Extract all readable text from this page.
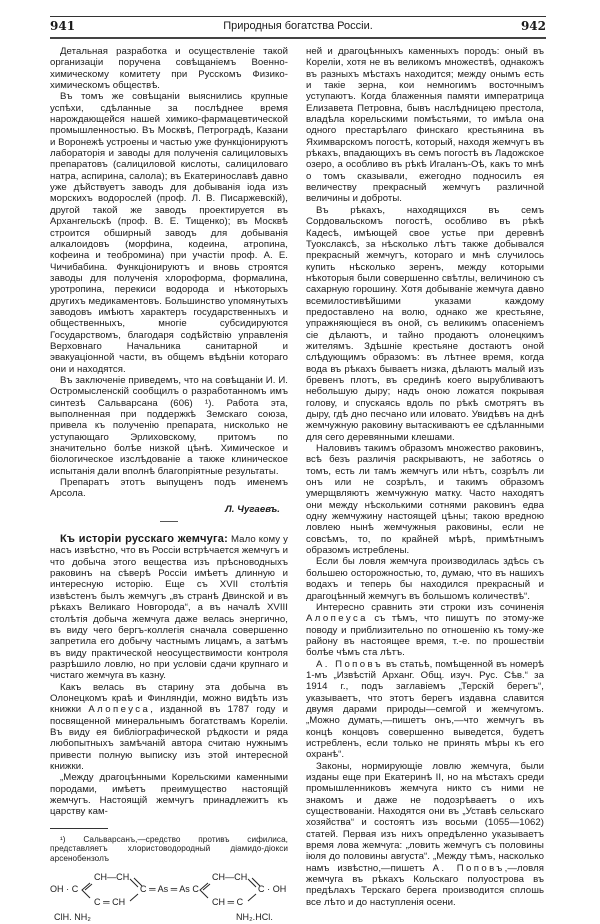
941	Природныя богатства Россіи.	942

Детальная разработка и осуществленіе такой организаціи поручена совѣщаніемъ Военно-химическому комитету при Русскомъ Физико-химическомъ обществѣ.

Въ томъ же совѣщаніи выяснились крупные успѣхи, сдѣланные за послѣднее время нарождающейся нашей химико-фармацевтической промышленностью. Въ Москвѣ, Петроградѣ, Казани и Воронежѣ устроены и частью уже функціонируютъ лабораторія и заводы для полученія салициловыхъ препаратовъ (салициловой кислоты, салициловаго натра, аспирина, салола); въ Екатеринославѣ давно уже дѣйствуетъ заводъ для добыванія іода изъ морскихъ водорослей (проф. Л. В. Писаржевскій), другой такой же заводъ проектируется въ Архангельскѣ (проф. В. Е. Тищенко); въ Москвѣ строится обширный заводъ для добыванія алкалоидовъ (морфина, кодеина, атропина, кофеина и теобромина) при участіи проф. А. Е. Чичибабина. Функціонируютъ и вновь строятся заводы для полученія хлороформа, формалина, уротропина, перекиси водорода и нѣкоторыхъ другихъ медикаментовъ. Большинство упомянутыхъ заводовъ имѣютъ характеръ государственныхъ и общественныхъ, многіе субсидируются Государствомъ, благодаря содѣйствію управленія Верховнаго Начальника санитарной и эвакуаціонной части, въ общемъ вѣдѣніи котораго они и находятся.

Въ заключеніе приведемъ, что на совѣщаніи И. И. Остромысленскій сообщилъ о разработанномъ имъ синтезѣ Сальварсана (606) ¹). Работа эта, выполненная при поддержкѣ Земскаго союза, привела къ полученію препарата, нисколько не уступающаго Эрлиховскому, притомъ по значительно болѣе низкой цѣнѣ. Химическое и біологическое изслѣдованіе а также клиническое испытанія дали вполнѣ благопріятные результаты.

Препаратъ этотъ выпущенъ подъ именемъ Арсола.

Л. Чугаевъ.

Къ исторіи русскаго жемчуга: Мало кому у насъ извѣстно, что въ Россіи встрѣчается жемчугъ и что добыча этого вещества изъ прѣсноводныхъ раковинъ на сѣверѣ Россіи имѣетъ длинную и интересную исторію. Еще съ XVII столѣтія извѣстенъ былъ жемчугъ „въ странѣ Двинской и въ рѣкахъ Великаго Новгорода“, а въ началѣ XVIII столѣтія добыча жемчуга даже велась энергично, въ виду чего бергъ-коллегія сначала совершенно запретила его добычу частнымъ лицамъ, а затѣмъ въ виду практической неосуществимости контроля разрѣшило ловлю, но при условіи сдачи крупнаго и чистаго жемчуга въ казну.

Какъ велась въ старину эта добыча въ Олонецкомъ краѣ и Финляндіи, можно видѣть изъ книжки Алопеуса, изданной въ 1787 году и посвященной минеральнымъ богатствамъ Кореліи. Въ виду ея библіографической рѣдкости и ряда любопытныхъ замѣчаній автора считаю нужнымъ привести полную выписку изъ этой интересной книжки.

„Между драгоцѣнными Корельскими каменными породами, имѣетъ преимущество настоящій жемчугъ. Настоящій жемчугъ принадлежитъ къ царству кам-

¹) Сальварсанъ,—средство противъ сифилиса, представляетъ хлористоводородный діамидо-діокси арсенобензолъ

OH · C
CH—CH
C ═ CH
C ═ As ═ As C
CH—CH
CH ═ C
C · OH
ClH. NH₂	NH₂.HCl.

ней и драгоцѣнныхъ каменныхъ породъ: оный въ Кореліи, хотя не въ великомъ множествѣ, однакожъ въ разныхъ мѣстахъ находится; между онымъ есть и такіе зерна, кои немногимъ восточнымъ уступаютъ. Когда блаженныя памяти императрица Елизавета Петровна, бывъ наслѣдницею престола, владѣла корельскими помѣстьями, то имѣла она одного престарѣлаго финскаго крестьянина въ Яхимварскомъ погостѣ, который, находя жемчугъ въ рѣкахъ, впадающихъ въ семъ погостѣ въ Ладожское озеро, а особливо въ рѣкѣ Игаланъ-Оѣ, какъ то мнѣ о томъ сказывали, ежегодно подносилъ ея величеству прекрасный жемчугъ различной величины и доброты.

Въ рѣкахъ, находящихся въ семъ Сордовальскомъ погостѣ, особливо въ рѣкѣ Кадесѣ, имѣющей свое устье при деревнѣ Туокслаксѣ, за нѣсколько лѣтъ также добывался прекрасный жемчугъ, котораго и мнѣ случилось купить нѣсколько зеренъ, между которыми нѣкоторыя были совершенно свѣтлы, величиною съ сахарную горошину. Хотя добываніе жемчуга давно всемилостивѣйшими указами каждому предоставлено на волю, однако же крестьяне, упражняющіеся въ оной, съ великимъ опасеніемъ сіе дѣлаютъ, и тайно продаютъ олонецкимъ жителямъ. Здѣшніе крестьяне достаютъ оной слѣдующимъ образомъ: въ лѣтнее время, когда вода въ рѣкахъ бываетъ низка, дѣлаютъ малый изъ бревенъ плотъ, въ срединѣ коего вырубливаютъ небольшую дыру; надъ оною ложатся покрывая голову, и спускаясь вдоль по рѣкѣ смотрятъ въ дыру, гдѣ дно песчано или иловато. Увидѣвъ на днѣ жемчужную раковину вытаскиваютъ ее сдѣланными для сего деревянными клешами.

Наловивъ такимъ образомъ множество раковинъ, всѣ безъ различія раскрываютъ, не заботясь о томъ, есть ли тамъ жемчугъ или нѣтъ, созрѣлъ ли онъ или не созрѣлъ, и такимъ образомъ умерщвляютъ жемчужную матку. Часто находятъ они между нѣсколькими сотнями раковинъ едва одну жемчужину настоящей цѣны; такою вредною ловлею нынѣ жемчужныя раковины, если не совсѣмъ, то, по крайней мѣрѣ, примѣтнымъ образомъ истреблены.

Если бы ловля жемчуга производилась здѣсь съ большею осторожностью, то, думаю, что въ нашихъ водахъ и теперь бы находился прекрасный и драгоцѣнный жемчугъ въ большомъ количествѣ“.

Интересно сравнить эти строки изъ сочиненія Алопеуса съ тѣмъ, что пишутъ по этому-же поводу и приблизительно по отношенію къ тому-же району въ настоящее время, т.-е. по прошествіи болѣе чѣмъ ста лѣтъ.

А. Поповъ въ статьѣ, помѣщенной въ номерѣ 1-мъ „Извѣстій Арханг. Общ. изуч. Рус. Сѣв.“ за 1914 г., подъ заглавіемъ „Терскій берегъ“, указываетъ, что этотъ берегъ издавна славится двумя дарами природы—семгой и жемчугомъ. „Можно думать,—пишетъ онъ,—что жемчугъ въ концѣ концовъ совершенно выведется, будетъ истребленъ, если только не принять мѣры къ его охранѣ“.

Законы, нормирующіе ловлю жемчуга, были изданы еще при Екатеринѣ II, но на мѣстахъ среди промышленниковъ жемчуга никто съ ними не знакомъ и даже не подозрѣваетъ о ихъ существованіи. Находятся они въ „Уставѣ сельскаго хозяйства“ и состоятъ изъ восьми (1055—1062) статей. Первая изъ нихъ опредѣленно указываетъ время лова жемчуга: „ловить жемчугъ съ половины іюля до половины августа“. „Между тѣмъ, насколько намъ извѣстно,—пишетъ А. Поповъ,—ловля жемчуга въ рѣкахъ Кольскаго полуострова въ предѣлахъ Терскаго берега производится сплошь все лѣто и до наступленія осени.
